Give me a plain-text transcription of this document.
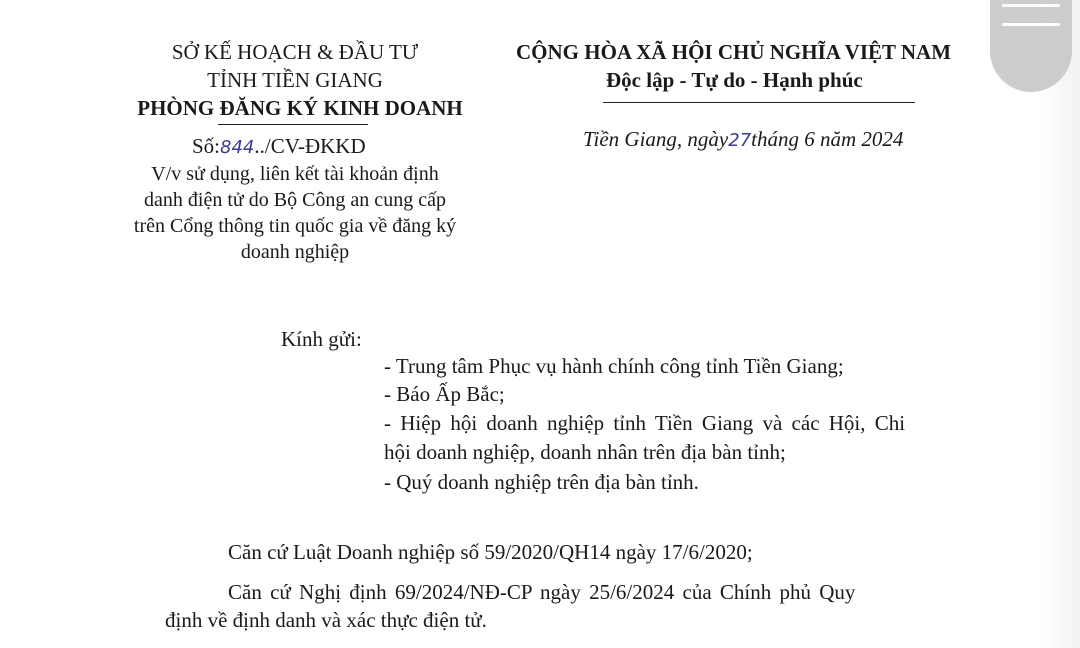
SỞ KẾ HOẠCH & ĐẦU TƯ
TỈNH TIỀN GIANG
PHÒNG ĐĂNG KÝ KINH DOANH
Số:844../CV-ĐKKD
V/v sử dụng, liên kết tài khoản định
danh điện tử do Bộ Công an cung cấp
trên Cổng thông tin quốc gia về đăng ký
doanh nghiệp
CỘNG HÒA XÃ HỘI CHỦ NGHĨA VIỆT NAM
Độc lập - Tự do - Hạnh phúc
Tiền Giang, ngày27tháng 6 năm 2024
Kính gửi:
- Trung tâm Phục vụ hành chính công tỉnh Tiền Giang;
- Báo Ấp Bắc;
- Hiệp hội doanh nghiệp tỉnh Tiền Giang và các Hội, Chi
hội doanh nghiệp, doanh nhân trên địa bàn tỉnh;
- Quý doanh nghiệp trên địa bàn tỉnh.
Căn cứ Luật Doanh nghiệp số 59/2020/QH14 ngày 17/6/2020;
Căn cứ Nghị định 69/2024/NĐ-CP ngày 25/6/2024 của Chính phủ Quy
định về định danh và xác thực điện tử.
